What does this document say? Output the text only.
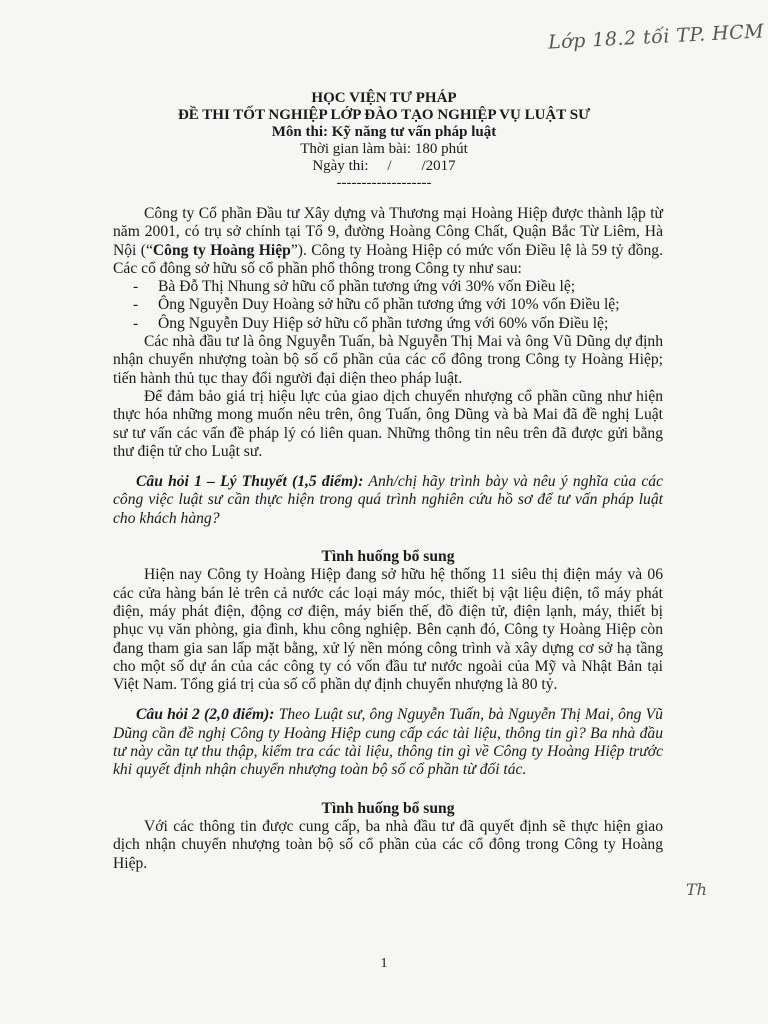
Lớp 18.2 tối TP. HCM
HỌC VIỆN TƯ PHÁP
ĐỀ THI TỐT NGHIỆP LỚP ĐÀO TẠO NGHIỆP VỤ LUẬT SƯ
Môn thi: Kỹ năng tư vấn pháp luật
Thời gian làm bài: 180 phút
Ngày thi:     /        /2017
-------------------

Công ty Cổ phần Đầu tư Xây dựng và Thương mại Hoàng Hiệp được thành lập từ năm 2001, có trụ sở chính tại Tổ 9, đường Hoàng Công Chất, Quận Bắc Từ Liêm, Hà Nội (“Công ty Hoàng Hiệp”). Công ty Hoàng Hiệp có mức vốn Điều lệ là 59 tỷ đồng. Các cổ đông sở hữu số cổ phần phổ thông trong Công ty như sau:

- Bà Đỗ Thị Nhung sở hữu cổ phần tương ứng với 30% vốn Điều lệ;
- Ông Nguyễn Duy Hoàng sở hữu cổ phần tương ứng với 10% vốn Điều lệ;
- Ông Nguyễn Duy Hiệp sở hữu cổ phần tương ứng với 60% vốn Điều lệ;

Các nhà đầu tư là ông Nguyễn Tuấn, bà Nguyễn Thị Mai và ông Vũ Dũng dự định nhận chuyển nhượng toàn bộ số cổ phần của các cổ đông trong Công ty Hoàng Hiệp; tiến hành thủ tục thay đổi người đại diện theo pháp luật.

Để đảm bảo giá trị hiệu lực của giao dịch chuyển nhượng cổ phần cũng như hiện thực hóa những mong muốn nêu trên, ông Tuấn, ông Dũng và bà Mai đã đề nghị Luật sư tư vấn các vấn đề pháp lý có liên quan. Những thông tin nêu trên đã được gửi bằng thư điện tử cho Luật sư.

Câu hỏi 1 – Lý Thuyết (1,5 điểm): Anh/chị hãy trình bày và nêu ý nghĩa của các công việc luật sư cần thực hiện trong quá trình nghiên cứu hồ sơ để tư vấn pháp luật cho khách hàng?

Tình huống bổ sung

Hiện nay Công ty Hoàng Hiệp đang sở hữu hệ thống 11 siêu thị điện máy và 06 các cửa hàng bán lẻ trên cả nước các loại máy móc, thiết bị vật liệu điện, tổ máy phát điện, máy phát điện, động cơ điện, máy biến thế, đồ điện tử, điện lạnh, máy, thiết bị phục vụ văn phòng, gia đình, khu công nghiệp. Bên cạnh đó, Công ty Hoàng Hiệp còn đang tham gia san lấp mặt bằng, xử lý nền móng công trình và xây dựng cơ sở hạ tầng cho một số dự án của các công ty có vốn đầu tư nước ngoài của Mỹ và Nhật Bản tại Việt Nam. Tổng giá trị của số cổ phần dự định chuyển nhượng là 80 tỷ.

Câu hỏi 2 (2,0 điểm): Theo Luật sư, ông Nguyễn Tuấn, bà Nguyễn Thị Mai, ông Vũ Dũng cần đề nghị Công ty Hoàng Hiệp cung cấp các tài liệu, thông tin gì? Ba nhà đầu tư này cần tự thu thập, kiểm tra các tài liệu, thông tin gì về Công ty Hoàng Hiệp trước khi quyết định nhận chuyển nhượng toàn bộ số cổ phần từ đối tác.

Tình huống bổ sung

Với các thông tin được cung cấp, ba nhà đầu tư đã quyết định sẽ thực hiện giao dịch nhận chuyển nhượng toàn bộ số cổ phần của các cổ đông trong Công ty Hoàng Hiệp.

Th
1
